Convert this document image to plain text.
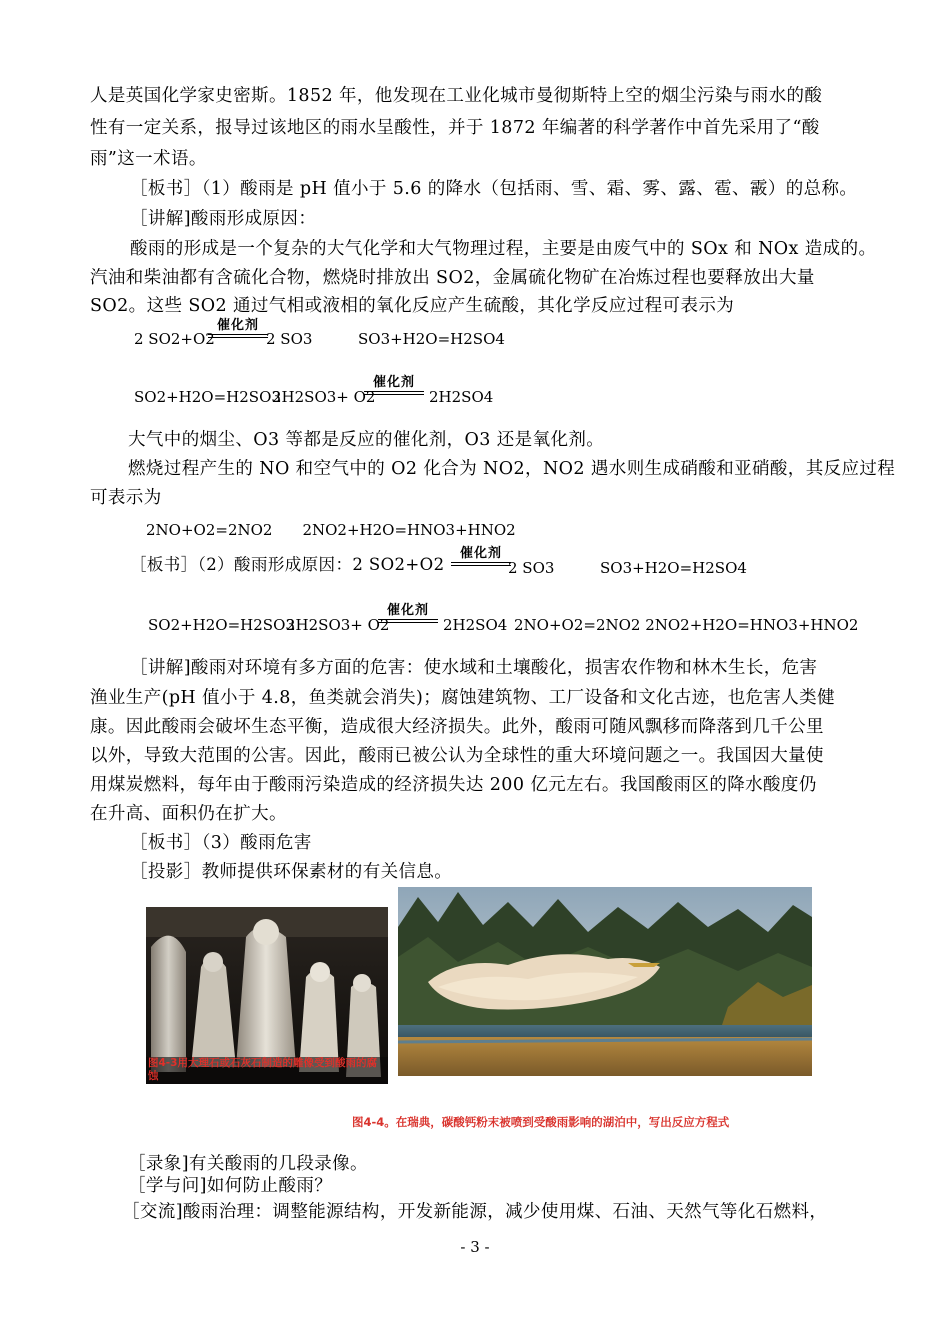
人是英国化学家史密斯。1852 年，他发现在工业化城市曼彻斯特上空的烟尘污染与雨水的酸
性有一定关系，报导过该地区的雨水呈酸性，并于 1872 年编著的科学著作中首先采用了“酸
雨”这一术语。
［板书］（1）酸雨是 pH 值小于 5.6 的降水（包括雨、雪、霜、雾、露、雹、霰）的总称。
［讲解]酸雨形成原因：
酸雨的形成是一个复杂的大气化学和大气物理过程，主要是由废气中的 SOx 和 NOx 造成的。
汽油和柴油都有含硫化合物，燃烧时排放出 SO2，金属硫化物矿在冶炼过程也要释放出大量
SO2。这些 SO2 通过气相或液相的氧化反应产生硫酸，其化学反应过程可表示为
2 SO2+O2
催化剂
2 SO3	SO3+H2O=H2SO4
SO2+H2O=H2SO3
2H2SO3+ O2
催化剂
2H2SO4
大气中的烟尘、O3 等都是反应的催化剂，O3 还是氧化剂。
燃烧过程产生的 NO 和空气中的 O2 化合为 NO2，NO2 遇水则生成硝酸和亚硝酸，其反应过程
可表示为
2NO+O2=2NO2　　2NO2+H2O=HNO3+HNO2
［板书］（2）酸雨形成原因：2 SO2+O2
催化剂
2 SO3	SO3+H2O=H2SO4
SO2+H2O=H2SO3
2H2SO3+ O2
催化剂
2H2SO4 2NO+O2=2NO2 2NO2+H2O=HNO3+HNO2
［讲解]酸雨对环境有多方面的危害：使水域和土壤酸化，损害农作物和林木生长，危害
渔业生产(pH 值小于 4.8，鱼类就会消失)；腐蚀建筑物、工厂设备和文化古迹，也危害人类健
康。因此酸雨会破坏生态平衡，造成很大经济损失。此外，酸雨可随风飘移而降落到几千公里
以外，导致大范围的公害。因此，酸雨已被公认为全球性的重大环境问题之一。我国因大量使
用煤炭燃料，每年由于酸雨污染造成的经济损失达 200 亿元左右。我国酸雨区的降水酸度仍
在升高、面积仍在扩大。
［板书］（3）酸雨危害
［投影］教师提供环保素材的有关信息。
图4-3用大理石或石灰石制造的雕像受到酸雨的腐蚀
图4-4。在瑞典，碳酸钙粉末被喷到受酸雨影响的湖泊中，写出反应方程式
［录象]有关酸雨的几段录像。
［学与问]如何防止酸雨？
［交流]酸雨治理：调整能源结构，开发新能源，减少使用煤、石油、天然气等化石燃料，
- 3 -
